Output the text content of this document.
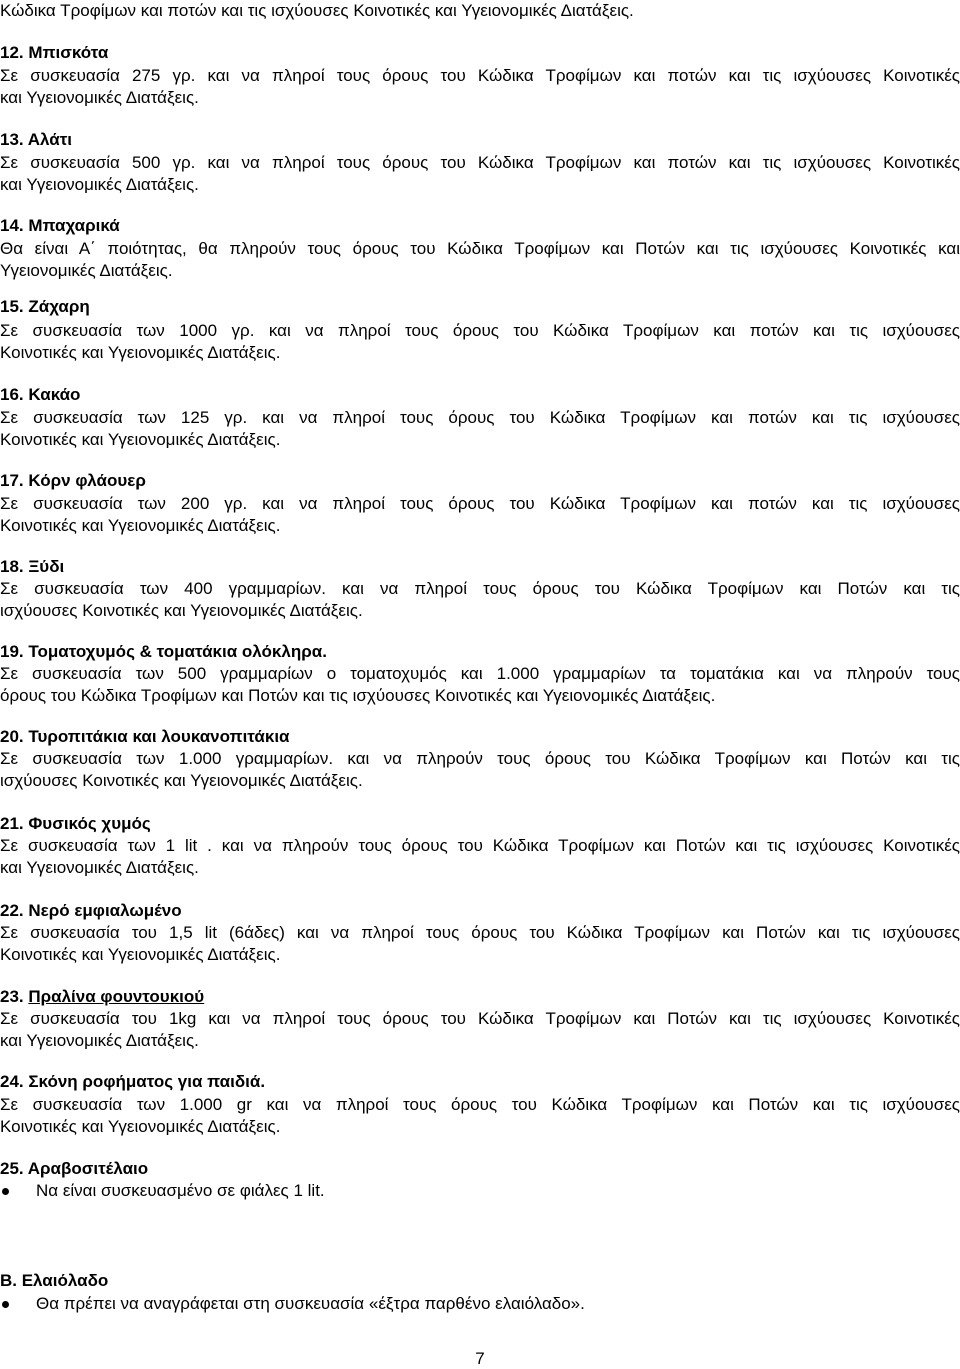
Κώδικα Τροφίμων και ποτών και τις ισχύουσες Κοινοτικές και Υγειονομικές Διατάξεις.
12. Μπισκότα
Σε συσκευασία 275 γρ. και να πληροί τους όρους του Κώδικα Τροφίμων και ποτών και τις ισχύουσες Κοινοτικές
και Υγειονομικές Διατάξεις.
13. Αλάτι
Σε συσκευασία 500 γρ. και να πληροί τους όρους του Κώδικα Τροφίμων και ποτών και τις ισχύουσες Κοινοτικές
και Υγειονομικές Διατάξεις.
14. Μπαχαρικά
Θα είναι Α΄ ποιότητας, θα πληρούν τους όρους του Κώδικα Τροφίμων και Ποτών και τις ισχύουσες Κοινοτικές και
Υγειονομικές Διατάξεις.
15. Ζάχαρη
Σε συσκευασία των 1000 γρ. και να πληροί τους όρους του Κώδικα Τροφίμων και ποτών και τις ισχύουσες
Κοινοτικές και Υγειονομικές Διατάξεις.
16. Κακάο
Σε συσκευασία των 125 γρ. και να πληροί τους όρους του Κώδικα Τροφίμων και ποτών και τις ισχύουσες
Κοινοτικές και Υγειονομικές Διατάξεις.
17. Κόρν φλάουερ
Σε συσκευασία των 200 γρ. και να πληροί τους όρους του Κώδικα Τροφίμων και ποτών και τις ισχύουσες
Κοινοτικές και Υγειονομικές Διατάξεις.
18. Ξύδι
Σε συσκευασία των 400 γραμμαρίων. και να πληροί τους όρους του Κώδικα Τροφίμων και Ποτών και τις
ισχύουσες Κοινοτικές και Υγειονομικές Διατάξεις.
19. Τοματοχυμός & τοματάκια ολόκληρα.
Σε συσκευασία των 500 γραμμαρίων ο τοματοχυμός και 1.000 γραμμαρίων τα τοματάκια και να πληρούν τους
όρους του Κώδικα Τροφίμων και Ποτών και τις ισχύουσες Κοινοτικές και Υγειονομικές Διατάξεις.
20. Τυροπιτάκια και λουκανοπιτάκια
Σε συσκευασία των 1.000 γραμμαρίων. και να πληρούν τους όρους του Κώδικα Τροφίμων και Ποτών και τις
ισχύουσες Κοινοτικές και Υγειονομικές Διατάξεις.
21. Φυσικός χυμός
Σε συσκευασία των 1 lit . και να πληρούν τους όρους του Κώδικα Τροφίμων και Ποτών και τις ισχύουσες Κοινοτικές
και Υγειονομικές Διατάξεις.
22. Νερό εμφιαλωμένο
Σε συσκευασία του 1,5 lit (6άδες) και να πληροί τους όρους του Κώδικα Τροφίμων και Ποτών και τις ισχύουσες
Κοινοτικές και Υγειονομικές Διατάξεις.
23. Πραλίνα φουντουκιού
Σε συσκευασία του 1kg και να πληροί τους όρους του Κώδικα Τροφίμων και Ποτών και τις ισχύουσες Κοινοτικές
και Υγειονομικές Διατάξεις.
24. Σκόνη ροφήματος για παιδιά.
Σε συσκευασία των 1.000 gr και να πληροί τους όρους του Κώδικα Τροφίμων και Ποτών και τις ισχύουσες
Κοινοτικές και Υγειονομικές Διατάξεις.
25. Αραβοσιτέλαιο
Να είναι συσκευασμένο σε φιάλες 1 lit.
Β. Ελαιόλαδο
Θα πρέπει να αναγράφεται στη συσκευασία «έξτρα παρθένο ελαιόλαδο».
7
